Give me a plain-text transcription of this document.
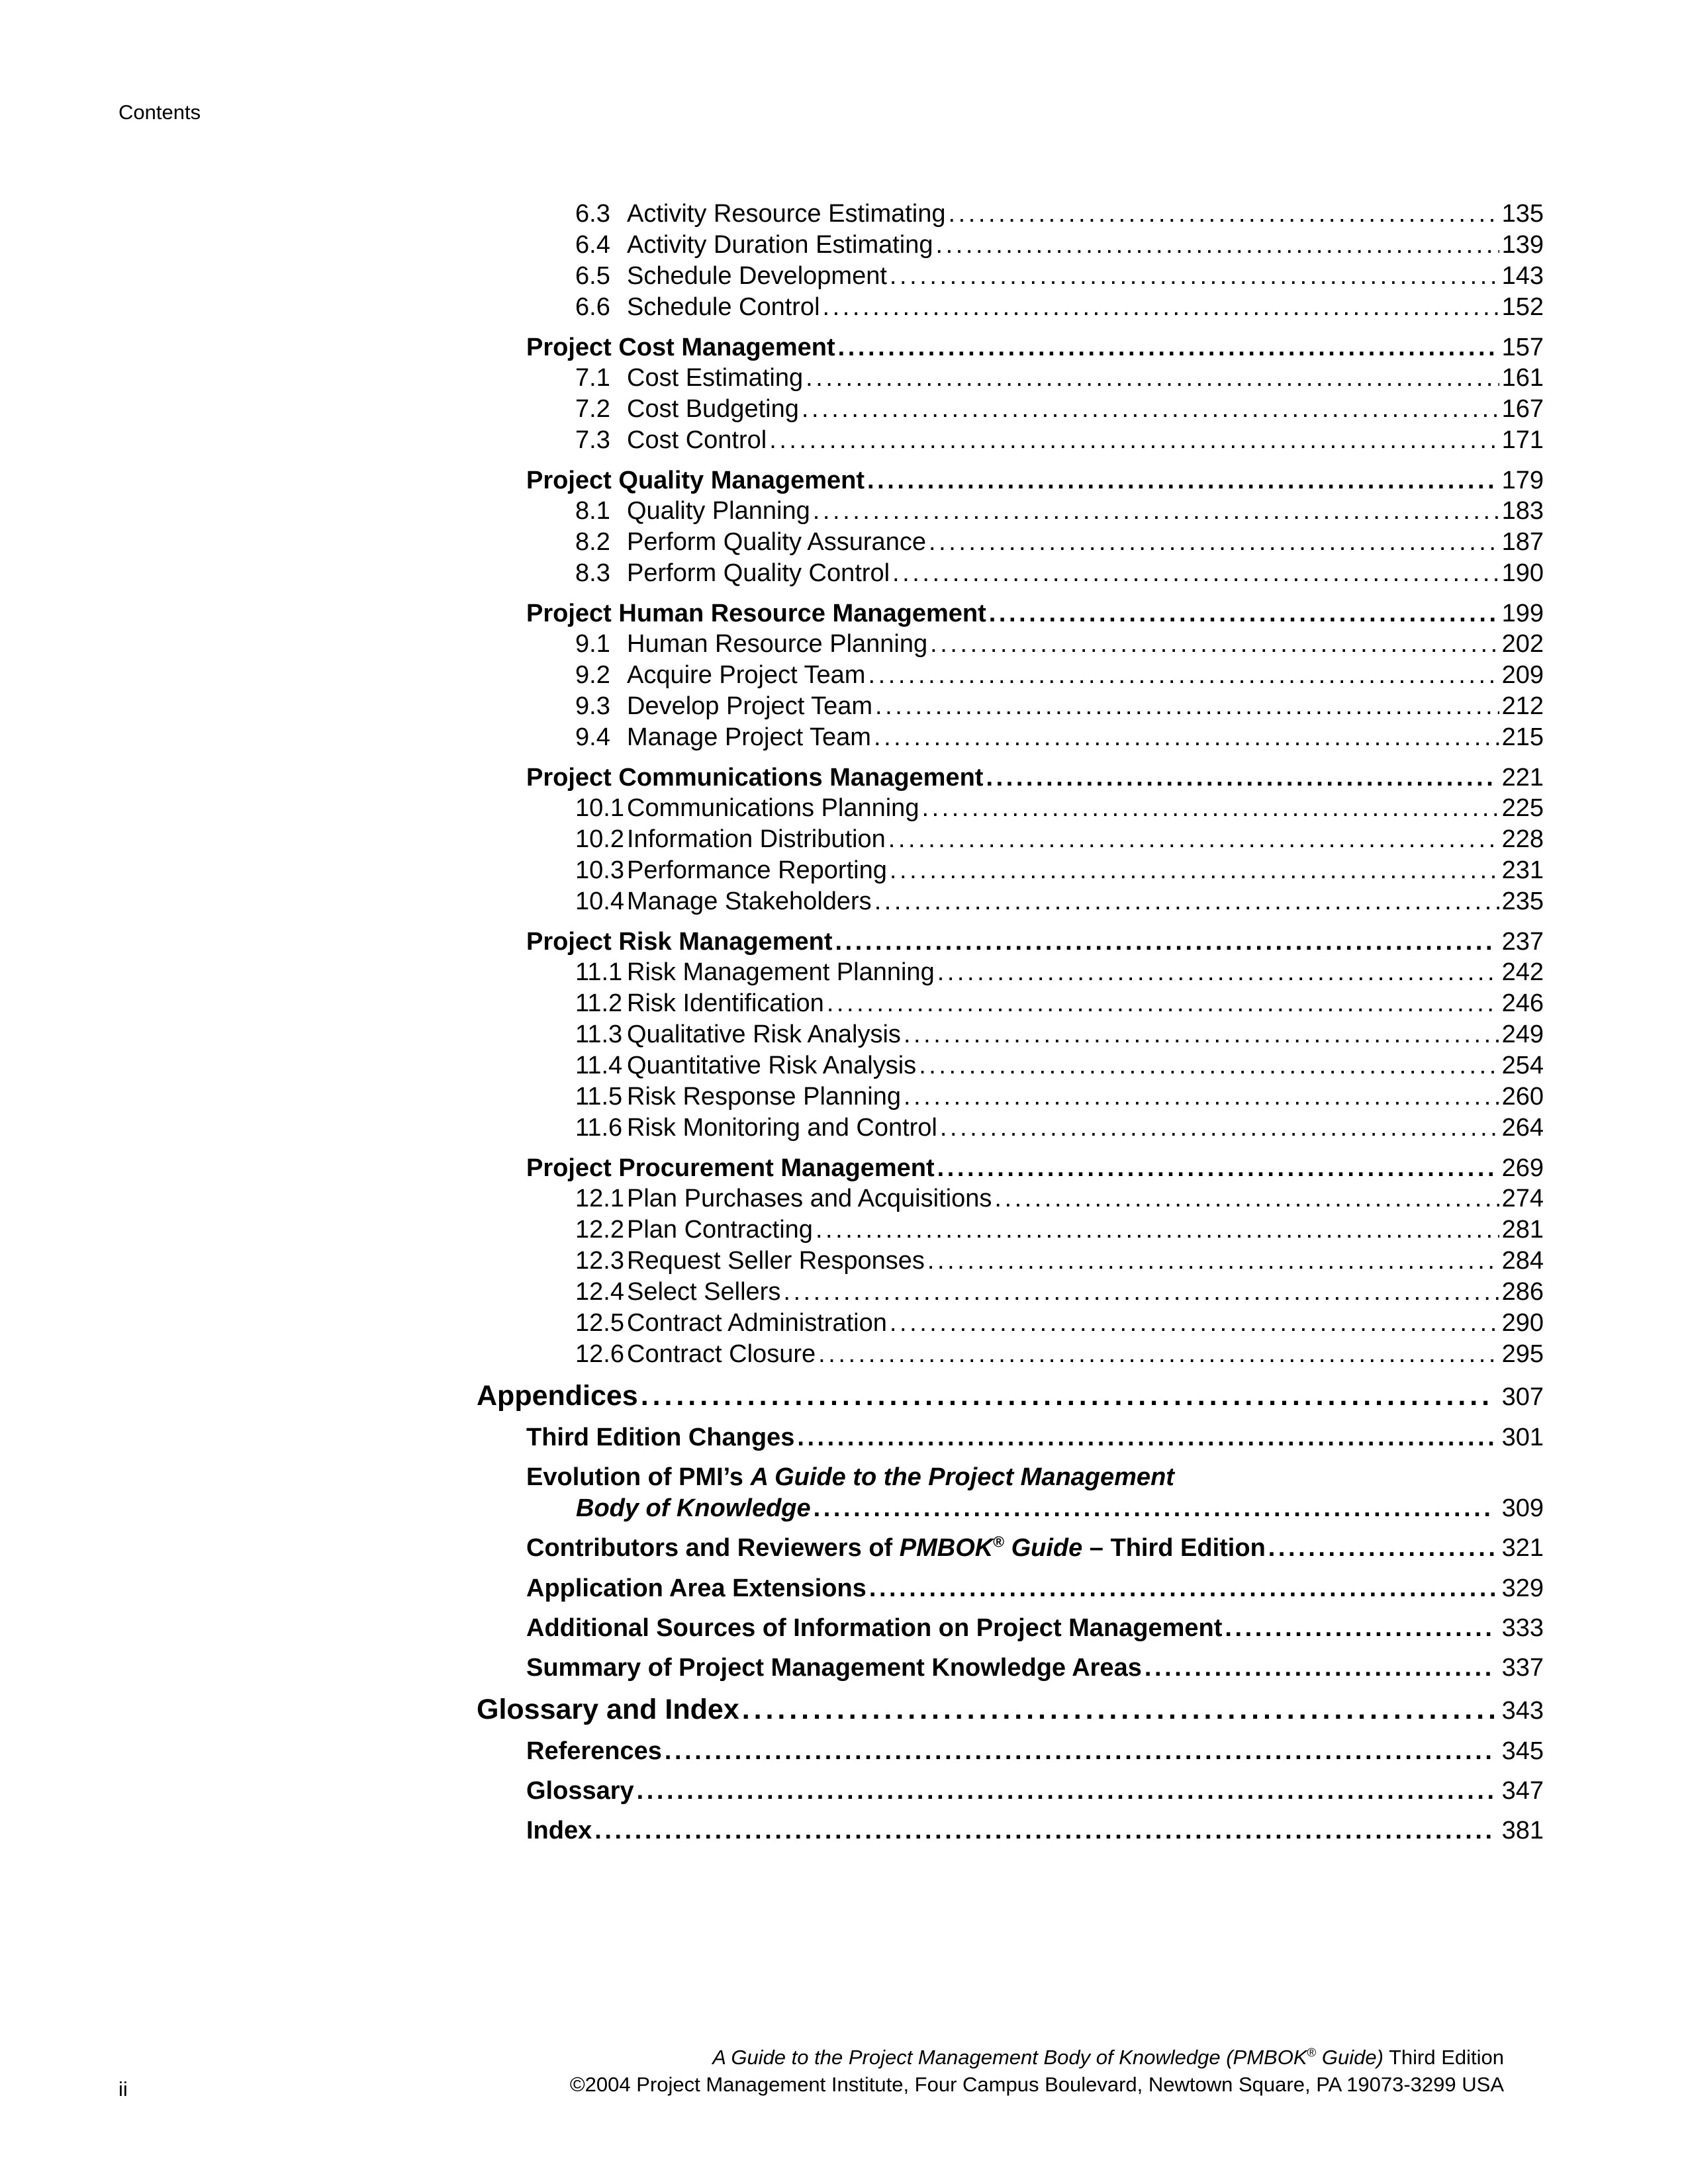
Contents
6.3 Activity Resource Estimating . . .	135
6.4 Activity Duration Estimating . . .	139
6.5 Schedule Development . . .	143
6.6 Schedule Control . . .	152
Project Cost Management . . .	157
7.1 Cost Estimating . . .	161
7.2 Cost Budgeting . . .	167
7.3 Cost Control . . .	171
Project Quality Management . . .	179
8.1 Quality Planning . . .	183
8.2 Perform Quality Assurance . . .	187
8.3 Perform Quality Control . . .	190
Project Human Resource Management . . .	199
9.1 Human Resource Planning . . .	202
9.2 Acquire Project Team . . .	209
9.3 Develop Project Team . . .	212
9.4 Manage Project Team . . .	215
Project Communications Management . . .	221
10.1 Communications Planning . . .	225
10.2 Information Distribution . . .	228
10.3 Performance Reporting . . .	231
10.4 Manage Stakeholders . . .	235
Project Risk Management . . .	237
11.1 Risk Management Planning . . .	242
11.2 Risk Identification . . .	246
11.3 Qualitative Risk Analysis . . .	249
11.4 Quantitative Risk Analysis . . .	254
11.5 Risk Response Planning . . .	260
11.6 Risk Monitoring and Control . . .	264
Project Procurement Management . . .	269
12.1 Plan Purchases and Acquisitions . . .	274
12.2 Plan Contracting . . .	281
12.3 Request Seller Responses . . .	284
12.4 Select Sellers . . .	286
12.5 Contract Administration . . .	290
12.6 Contract Closure . . .	295
Appendices . . .	307
Third Edition Changes . . .	301
Evolution of PMI’s A Guide to the Project Management
Body of Knowledge . . .	309
Contributors and Reviewers of PMBOK® Guide – Third Edition . . .	321
Application Area Extensions . . .	329
Additional Sources of Information on Project Management . . .	333
Summary of Project Management Knowledge Areas . . .	337
Glossary and Index . . .	343
References . . .	345
Glossary . . .	347
Index . . .	381
A Guide to the Project Management Body of Knowledge (PMBOK® Guide) Third Edition
©2004 Project Management Institute, Four Campus Boulevard, Newtown Square, PA 19073-3299 USA
ii
